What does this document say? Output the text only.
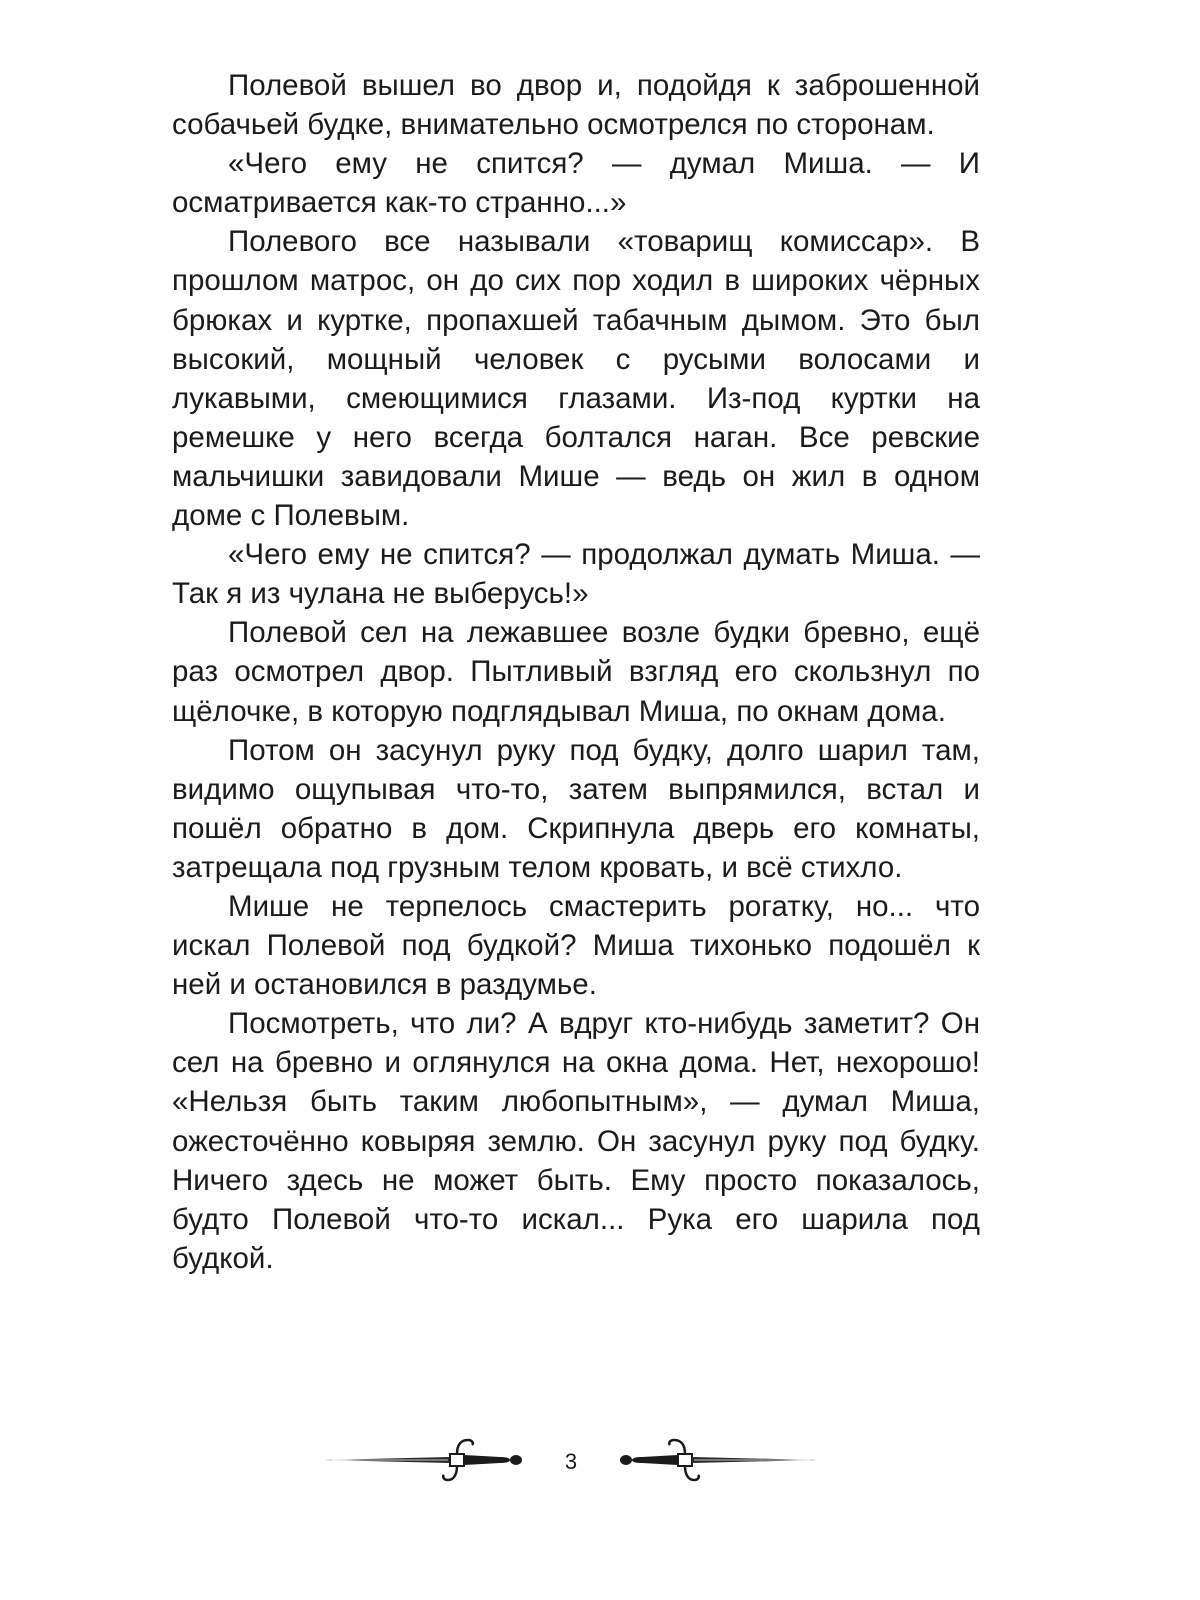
Полевой вышел во двор и, подойдя к заброшенной собачьей будке, внимательно осмотрелся по сторонам.

«Чего ему не спится? — думал Миша. — И осматривается как-то странно...»

Полевого все называли «товарищ комиссар». В прошлом матрос, он до сих пор ходил в широких чёрных брюках и куртке, пропахшей табачным дымом. Это был высокий, мощный человек с русыми волосами и лукавыми, смеющимися глазами. Из-под куртки на ремешке у него всегда болтался наган. Все ревские мальчишки завидовали Мише — ведь он жил в одном доме с Полевым.

«Чего ему не спится? — продолжал думать Миша. — Так я из чулана не выберусь!»

Полевой сел на лежавшее возле будки бревно, ещё раз осмотрел двор. Пытливый взгляд его скользнул по щёлочке, в которую подглядывал Миша, по окнам дома.

Потом он засунул руку под будку, долго шарил там, видимо ощупывая что-то, затем выпрямился, встал и пошёл обратно в дом. Скрипнула дверь его комнаты, затрещала под грузным телом кровать, и всё стихло.

Мише не терпелось смастерить рогатку, но... что искал Полевой под будкой? Миша тихонько подошёл к ней и остановился в раздумье.

Посмотреть, что ли? А вдруг кто-нибудь заметит? Он сел на бревно и оглянулся на окна дома. Нет, нехорошо! «Нельзя быть таким любопытным», — думал Миша, ожесточённо ковыряя землю. Он засунул руку под будку. Ничего здесь не может быть. Ему просто показалось, будто Полевой что-то искал... Рука его шарила под будкой.

3
